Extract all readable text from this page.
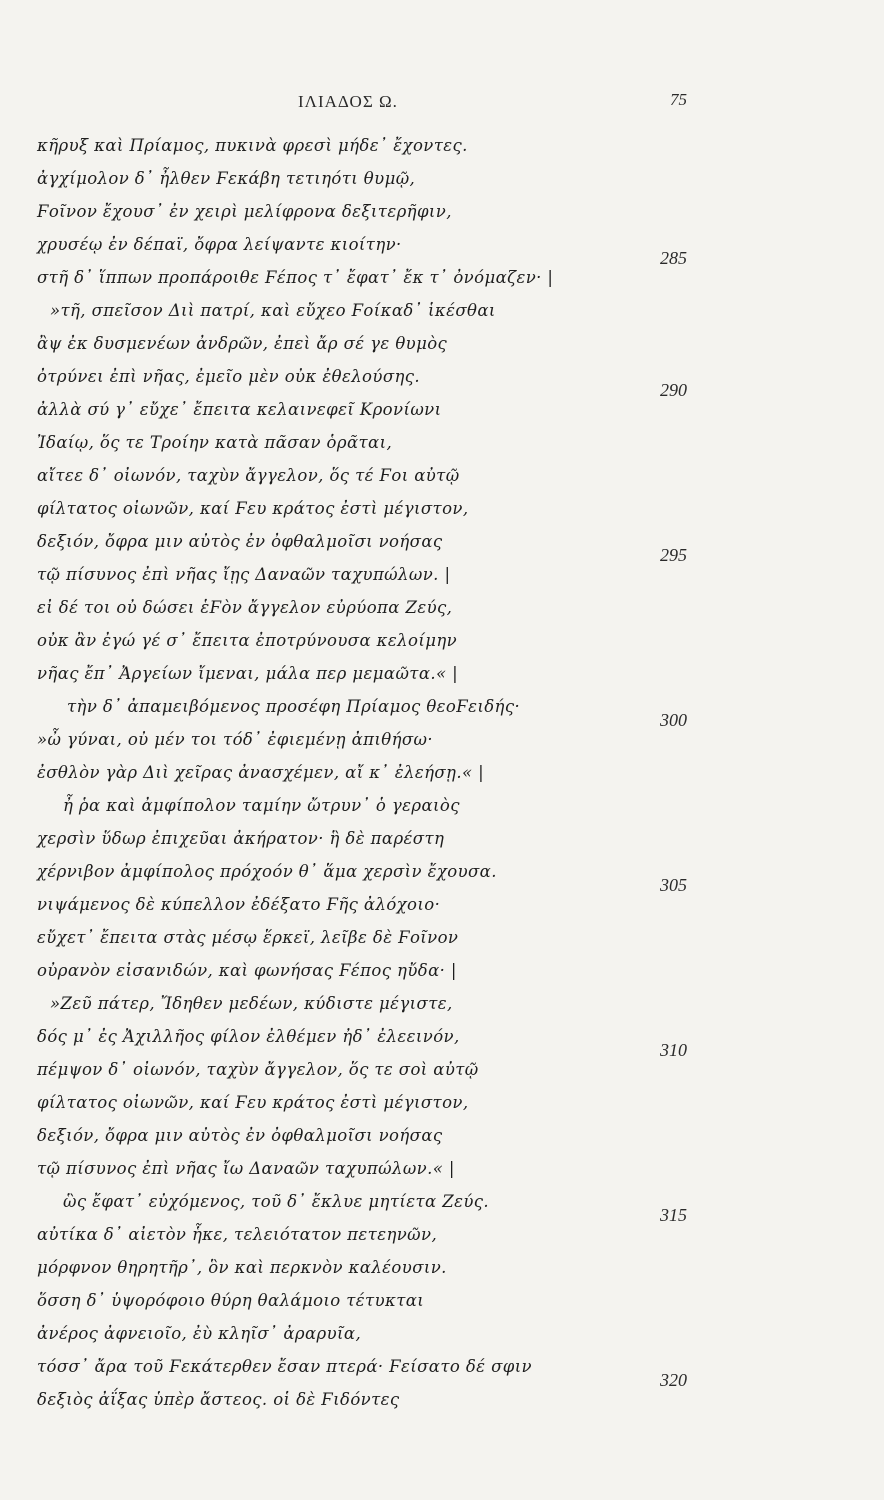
ΙΛΙΑΔΟΣ Ω.	75
κῆρυξ καὶ Πρίαμος, πυκινὰ φρεσὶ μήδε᾽ ἔχοντες.
ἀγχίμολον δ᾽ ἦλθεν Ϝεκάβη τετιηότι θυμῷ,
Ϝοῖνον ἔχουσ᾽ ἐν χειρὶ μελίφρονα δεξιτερῆφιν,
χρυσέῳ ἐν δέπαϊ, ὄφρα λείψαντε κιοίτην·
στῆ δ᾽ ἵππων προπάροιθε Ϝέπος τ᾽ ἔφατ᾽ ἔκ τ᾽ ὀνόμαζεν· |
»τῆ, σπεῖσον Διὶ πατρί, καὶ εὔχεο Ϝοίκαδ᾽ ἱκέσθαι
ἂψ ἐκ δυσμενέων ἀνδρῶν, ἐπεὶ ἄρ σέ γε θυμὸς
ὀτρύνει ἐπὶ νῆας, ἐμεῖο μὲν οὐκ ἐθελούσης.
ἀλλὰ σύ γ᾽ εὔχε᾽ ἔπειτα κελαινεφεῖ Κρονίωνι
Ἰδαίῳ, ὅς τε Τροίην κατὰ πᾶσαν ὁρᾶται,
αἴτεε δ᾽ οἰωνόν, ταχὺν ἄγγελον, ὅς τέ Ϝοι αὐτῷ
φίλτατος οἰωνῶν, καί Ϝευ κράτος ἐστὶ μέγιστον,
δεξιόν, ὄφρα μιν αὐτὸς ἐν ὀφθαλμοῖσι νοήσας
τῷ πίσυνος ἐπὶ νῆας ἴῃς Δαναῶν ταχυπώλων. |
εἰ δέ τοι οὐ δώσει ἑϜὸν ἄγγελον εὐρύοπα Ζεύς,
οὐκ ἂν ἐγώ γέ σ᾽ ἔπειτα ἐποτρύνουσα κελοίμην
νῆας ἔπ᾽ Ἀργείων ἴμεναι, μάλα περ μεμαῶτα.« |
τὴν δ᾽ ἀπαμειβόμενος προσέφη Πρίαμος θεοϜειδής·
»ὦ γύναι, οὐ μέν τοι τόδ᾽ ἐφιεμένῃ ἀπιθήσω·
ἐσθλὸν γὰρ Διὶ χεῖρας ἀνασχέμεν, αἴ κ᾽ ἐλεήσῃ.« |
ἦ ῥα καὶ ἀμφίπολον ταμίην ὤτρυν᾽ ὁ γεραιὸς
χερσὶν ὕδωρ ἐπιχεῦαι ἀκήρατον· ἣ δὲ παρέστη
χέρνιβον ἀμφίπολος πρόχοόν θ᾽ ἅμα χερσὶν ἔχουσα.
νιψάμενος δὲ κύπελλον ἐδέξατο Ϝῆς ἀλόχοιο·
εὔχετ᾽ ἔπειτα στὰς μέσῳ ἕρκεϊ, λεῖβε δὲ Ϝοῖνον
οὐρανὸν εἰσανιδών, καὶ φωνήσας Ϝέπος ηὔδα· |
»Ζεῦ πάτερ, Ἴδηθεν μεδέων, κύδιστε μέγιστε,
δός μ᾽ ἐς Ἀχιλλῆος φίλον ἐλθέμεν ἠδ᾽ ἐλεεινόν,
πέμψον δ᾽ οἰωνόν, ταχὺν ἄγγελον, ὅς τε σοὶ αὐτῷ
φίλτατος οἰωνῶν, καί Ϝευ κράτος ἐστὶ μέγιστον,
δεξιόν, ὄφρα μιν αὐτὸς ἐν ὀφθαλμοῖσι νοήσας
τῷ πίσυνος ἐπὶ νῆας ἴω Δαναῶν ταχυπώλων.« |
ὣς ἔφατ᾽ εὐχόμενος, τοῦ δ᾽ ἔκλυε μητίετα Ζεύς.
αὐτίκα δ᾽ αἰετὸν ἧκε, τελειότατον πετεηνῶν,
μόρφνον θηρητῆρ᾽, ὃν καὶ περκνὸν καλέουσιν.
ὅσση δ᾽ ὑψορόφοιο θύρη θαλάμοιο τέτυκται
ἀνέρος ἀφνειοῖο, ἐὺ κληῖσ᾽ ἀραρυῖα,
τόσσ᾽ ἄρα τοῦ Ϝεκάτερθεν ἔσαν πτερά· Ϝείσατο δέ σφιν
δεξιὸς ἀΐξας ὑπὲρ ἄστεος. οἱ δὲ Ϝιδόντες
285
290
295
300
305
310
315
320
